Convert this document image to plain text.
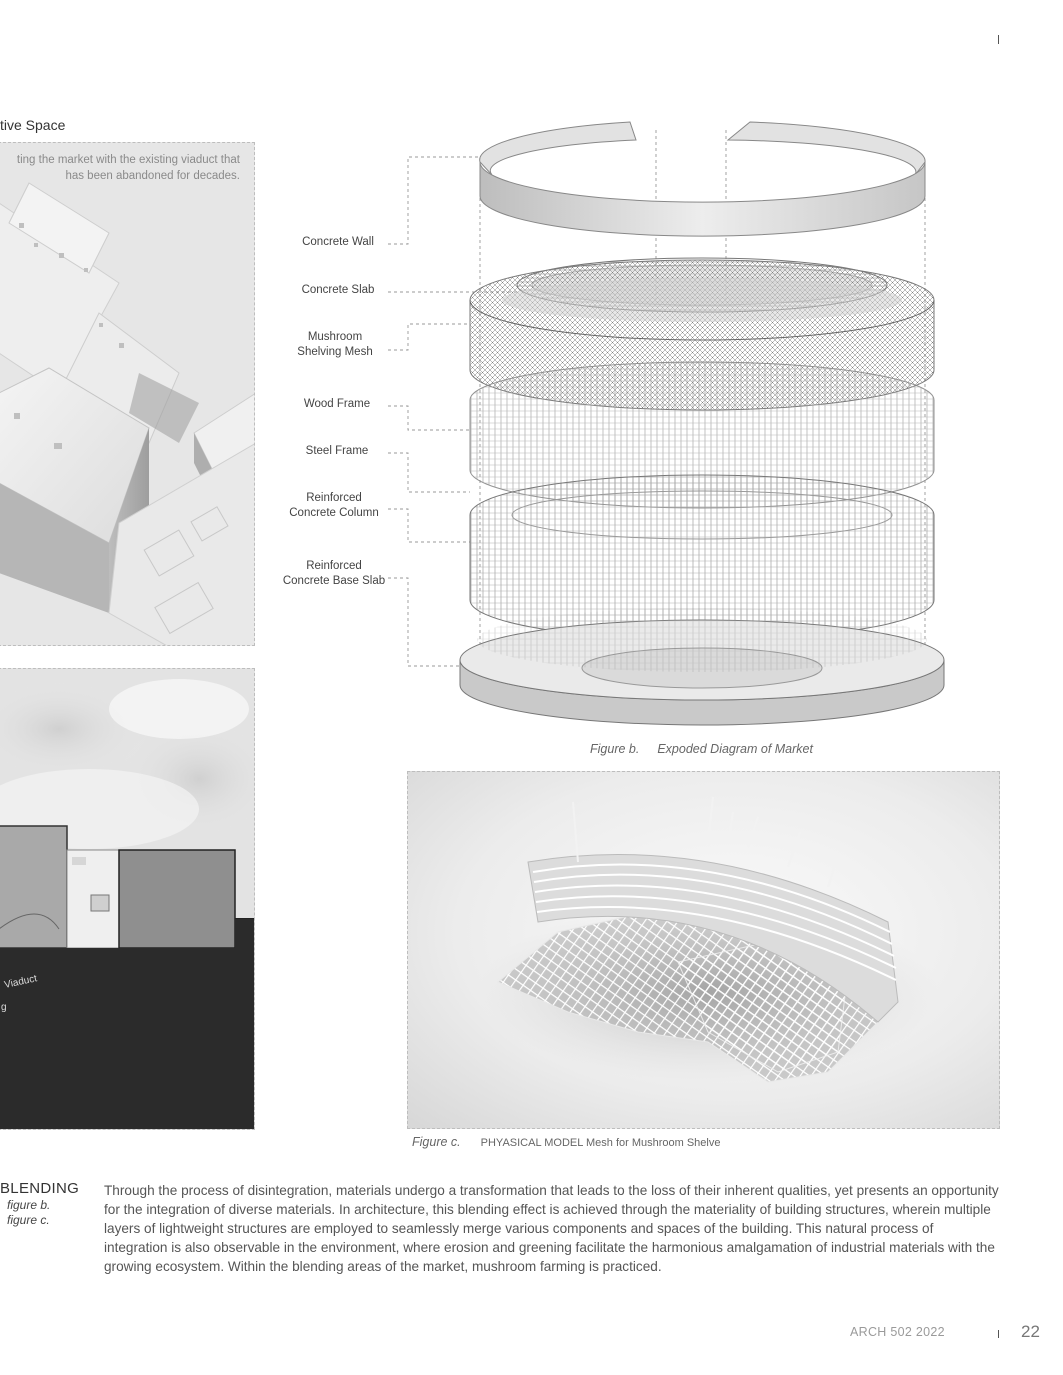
tive Space
ting the market with the existing viaduct that
has been abandoned for decades.
Viaduct
g
Concrete Wall
Concrete Slab
Mushroom
Shelving Mesh
Wood Frame
Steel Frame
Reinforced
Concrete Column
Reinforced
Concrete Base Slab
Figure b. Expoded Diagram of Market
Figure c. PHYASICAL MODEL Mesh for Mushroom Shelve
BLENDING
figure b.
figure c.
Through the process of disintegration, materials undergo a transformation that leads to the loss of their inherent qualities, yet presents an opportunity for the integration of diverse materials. In architecture, this blending effect is achieved through the materiality of building structures, wherein multiple layers of lightweight structures are employed to seamlessly merge various components and spaces of the building. This natural process of integration is also observable in the environment, where erosion and greening facilitate the harmonious amalgamation of industrial materials with the growing ecosystem. Within the blending areas of the market, mushroom farming is practiced.
ARCH 502 2022	22
